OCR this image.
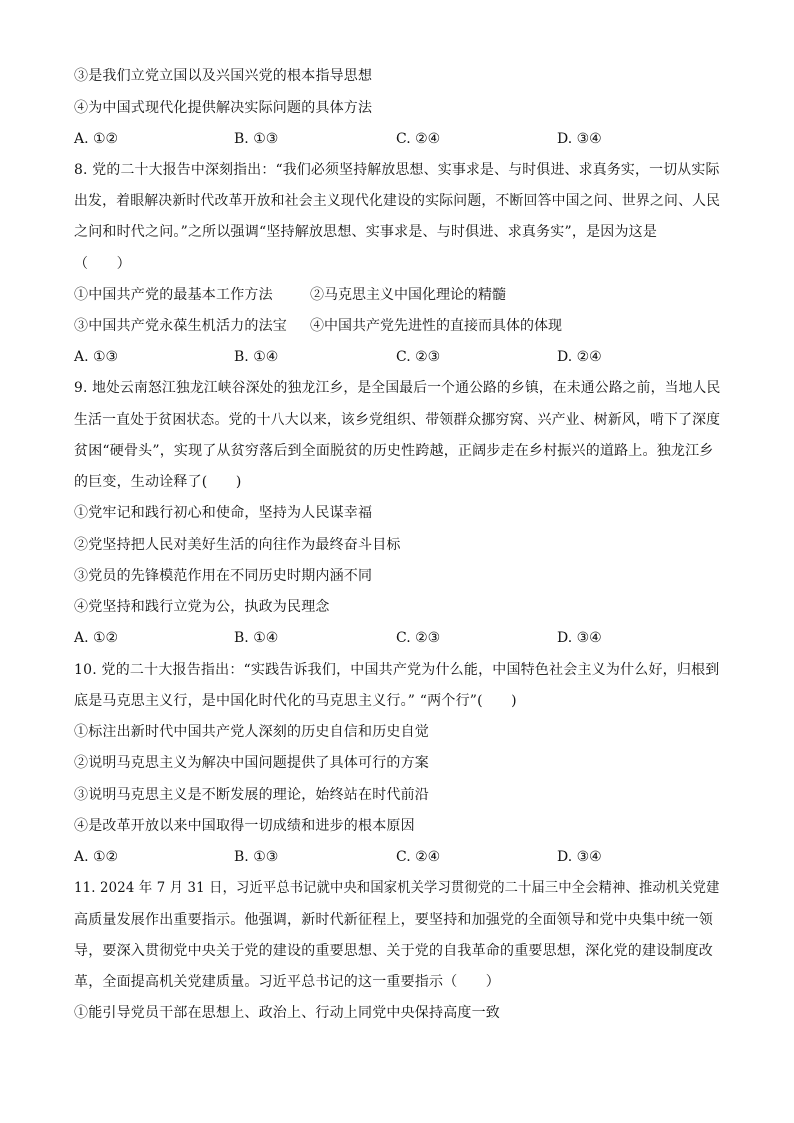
③是我们立党立国以及兴国兴党的根本指导思想
④为中国式现代化提供解决实际问题的具体方法
A. ①②	B. ①③	C. ②④	D. ③④
8. 党的二十大报告中深刻指出：“我们必须坚持解放思想、实事求是、与时俱进、求真务实，一切从实际
出发，着眼解决新时代改革开放和社会主义现代化建设的实际问题，不断回答中国之问、世界之问、人民
之问和时代之问。”之所以强调“坚持解放思想、实事求是、与时俱进、求真务实”，是因为这是
（　　）
①中国共产党的最基本工作方法	②马克思主义中国化理论的精髓
③中国共产党永葆生机活力的法宝 ④中国共产党先进性的直接而具体的体现
A. ①③	B. ①④	C. ②③	D. ②④
9. 地处云南怒江独龙江峡谷深处的独龙江乡，是全国最后一个通公路的乡镇，在未通公路之前，当地人民
生活一直处于贫困状态。党的十八大以来，该乡党组织、带领群众挪穷窝、兴产业、树新风，啃下了深度
贫困“硬骨头”，实现了从贫穷落后到全面脱贫的历史性跨越，正阔步走在乡村振兴的道路上。独龙江乡
的巨变，生动诠释了(　　)
①党牢记和践行初心和使命，坚持为人民谋幸福
②党坚持把人民对美好生活的向往作为最终奋斗目标
③党员的先锋模范作用在不同历史时期内涵不同
④党坚持和践行立党为公，执政为民理念
A. ①②	B. ①④	C. ②③	D. ③④
10. 党的二十大报告指出：“实践告诉我们，中国共产党为什么能，中国特色社会主义为什么好，归根到
底是马克思主义行，是中国化时代化的马克思主义行。” “两个行”(　　)
①标注出新时代中国共产党人深刻的历史自信和历史自觉
②说明马克思主义为解决中国问题提供了具体可行的方案
③说明马克思主义是不断发展的理论，始终站在时代前沿
④是改革开放以来中国取得一切成绩和进步的根本原因
A. ①②	B. ①③	C. ②④	D. ③④
11. 2024 年 7 月 31 日，习近平总书记就中央和国家机关学习贯彻党的二十届三中全会精神、推动机关党建
高质量发展作出重要指示。他强调，新时代新征程上，要坚持和加强党的全面领导和党中央集中统一领
导，要深入贯彻党中央关于党的建设的重要思想、关于党的自我革命的重要思想，深化党的建设制度改
革，全面提高机关党建质量。习近平总书记的这一重要指示（　　）
①能引导党员干部在思想上、政治上、行动上同党中央保持高度一致
